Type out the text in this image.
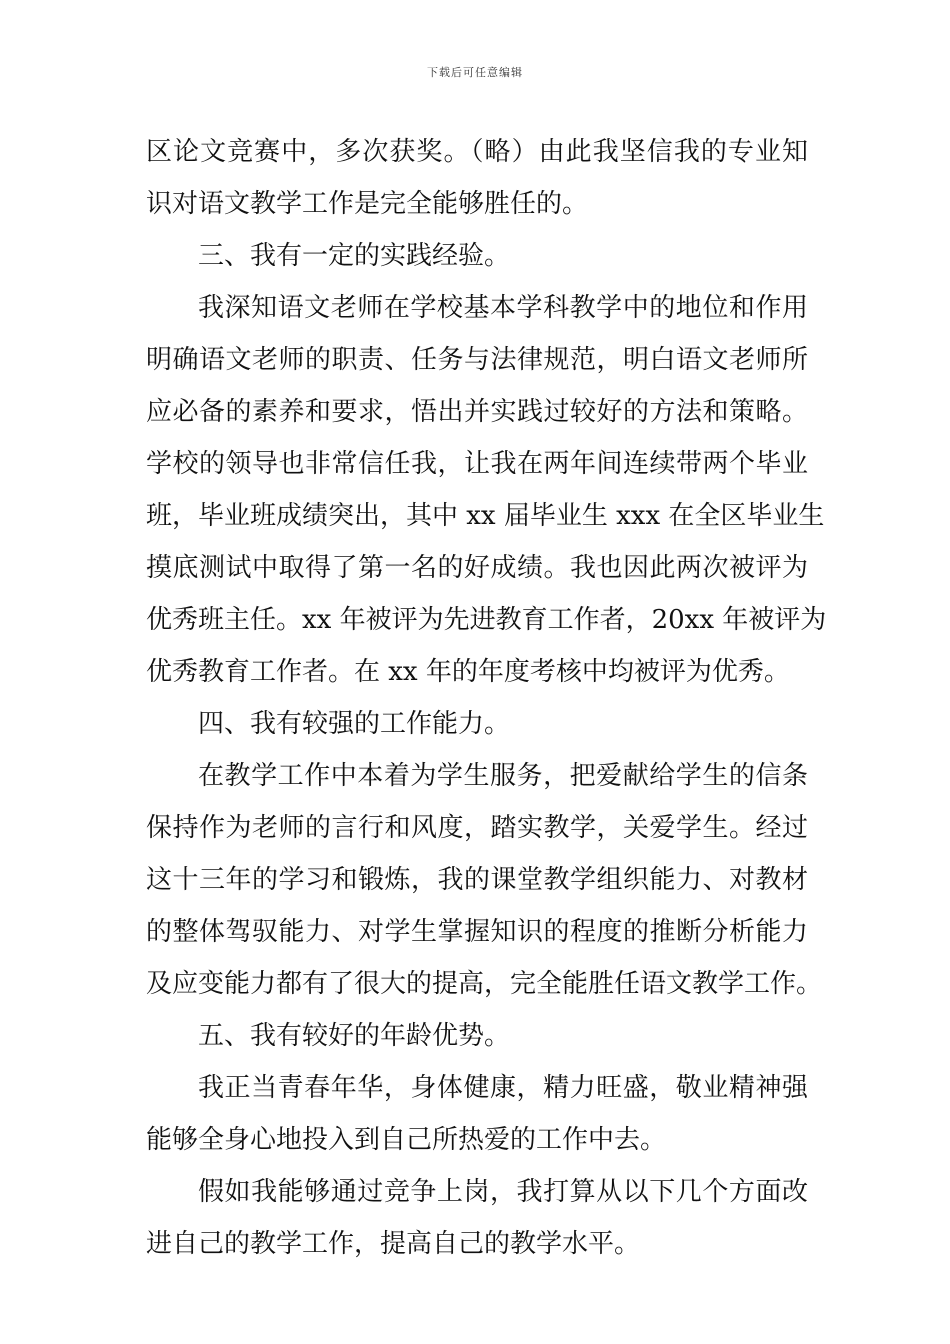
下载后可任意编辑
区论文竞赛中，多次获奖。（略）由此我坚信我的专业知
识对语文教学工作是完全能够胜任的。
三、我有一定的实践经验。
我深知语文老师在学校基本学科教学中的地位和作用
明确语文老师的职责、任务与法律规范，明白语文老师所
应必备的素养和要求，悟出并实践过较好的方法和策略。
学校的领导也非常信任我，让我在两年间连续带两个毕业
班，毕业班成绩突出，其中 xx 届毕业生 xxx 在全区毕业生
摸底测试中取得了第一名的好成绩。我也因此两次被评为
优秀班主任。xx 年被评为先进教育工作者，20xx 年被评为
优秀教育工作者。在 xx 年的年度考核中均被评为优秀。
四、我有较强的工作能力。
在教学工作中本着为学生服务，把爱献给学生的信条
保持作为老师的言行和风度，踏实教学，关爱学生。经过
这十三年的学习和锻炼，我的课堂教学组织能力、对教材
的整体驾驭能力、对学生掌握知识的程度的推断分析能力
及应变能力都有了很大的提高，完全能胜任语文教学工作。
五、我有较好的年龄优势。
我正当青春年华，身体健康，精力旺盛，敬业精神强
能够全身心地投入到自己所热爱的工作中去。
假如我能够通过竞争上岗，我打算从以下几个方面改
进自己的教学工作，提高自己的教学水平。
